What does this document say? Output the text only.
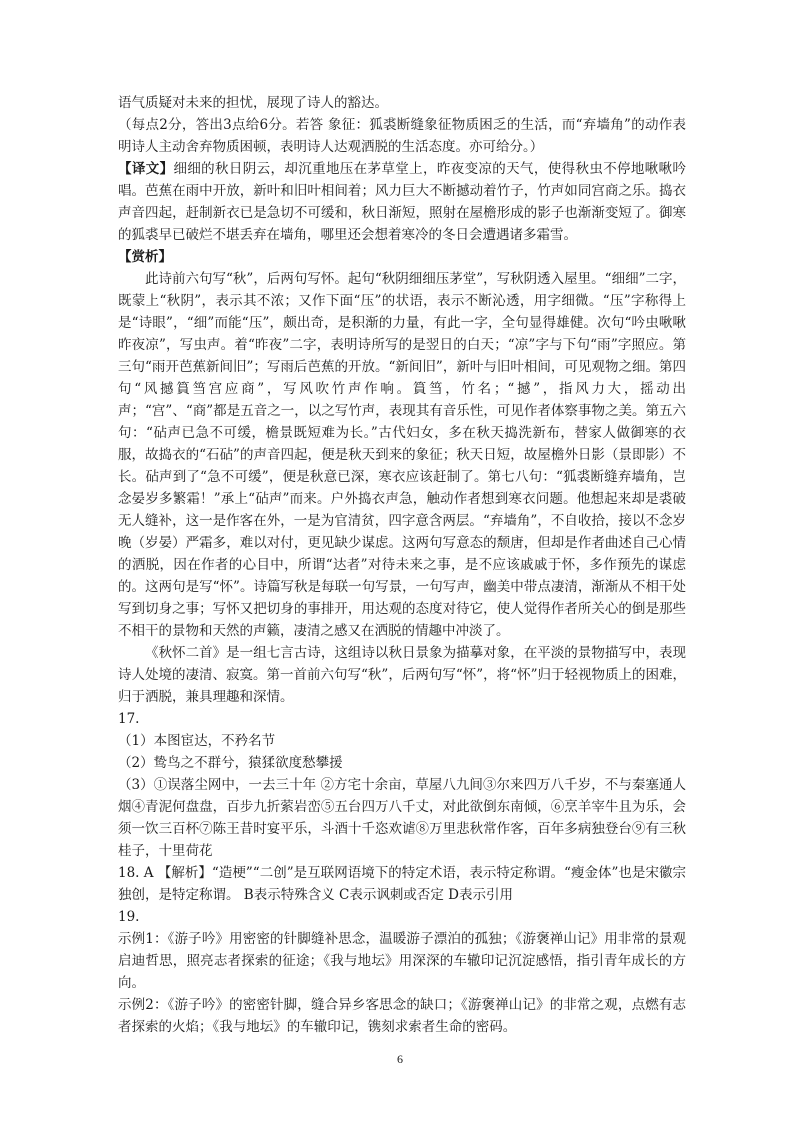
语气质疑对未来的担忧，展现了诗人的豁达。

（每点2分，答出3点给6分。若答 象征：狐裘断缝象征物质困乏的生活，而“弃墙角”的动作表明诗人主动舍弃物质困顿，表明诗人达观洒脱的生活态度。亦可给分。）

【译文】细细的秋日阴云，却沉重地压在茅草堂上，昨夜变凉的天气，使得秋虫不停地啾啾吟唱。芭蕉在雨中开放，新叶和旧叶相间着；风力巨大不断撼动着竹子，竹声如同宫商之乐。捣衣声音四起，赶制新衣已是急切不可缓和，秋日渐短，照射在屋檐形成的影子也渐渐变短了。御寒的狐裘早已破烂不堪丢弃在墙角，哪里还会想着寒冷的冬日会遭遇诸多霜雪。

【赏析】

此诗前六句写“秋”，后两句写怀。起句“秋阴细细压茅堂”，写秋阴透入屋里。“细细”二字，既蒙上“秋阴”，表示其不浓；又作下面“压”的状语，表示不断沁透，用字细微。“压”字称得上是“诗眼”，“细”而能“压”，颇出奇，是积渐的力量，有此一字，全句显得雄健。次句“吟虫啾啾昨夜凉”，写虫声。着“昨夜”二字，表明诗所写的是翌日的白天；“凉”字与下句“雨”字照应。第三句“雨开芭蕉新间旧”；写雨后芭蕉的开放。“新间旧”，新叶与旧叶相间，可见观物之细。第四句“风撼篔筜宫应商”，写风吹竹声作响。篔筜，竹名；“撼”，指风力大，摇动出声；“宫”、“商”都是五音之一，以之写竹声，表现其有音乐性，可见作者体察事物之美。第五六句：“砧声已急不可缓，檐景既短难为长。”古代妇女，多在秋天捣洗新布，替家人做御寒的衣服，故捣衣的“石砧”的声音四起，便是秋天到来的象征；秋天日短，故屋檐外日影（景即影）不长。砧声到了“急不可缓”，便是秋意已深，寒衣应该赶制了。第七八句：“狐裘断缝弃墙角，岂念晏岁多繁霜！”承上“砧声”而来。户外捣衣声急，触动作者想到寒衣问题。他想起来却是裘破无人缝补，这一是作客在外，一是为官清贫，四字意含两层。“弃墙角”，不自收拾，接以不念岁晚（岁晏）严霜多，难以对付，更见缺少谋虑。这两句写意态的颓唐，但却是作者曲述自己心情的洒脱，因在作者的心目中，所谓“达者”对待未来之事，是不应该戚戚于怀，多作预先的谋虑的。这两句是写“怀”。诗篇写秋是每联一句写景，一句写声，幽美中带点凄清，渐渐从不相干处写到切身之事；写怀又把切身的事排开，用达观的态度对待它，使人觉得作者所关心的倒是那些不相干的景物和天然的声籁，凄清之感又在洒脱的情趣中冲淡了。

《秋怀二首》是一组七言古诗，这组诗以秋日景象为描摹对象，在平淡的景物描写中，表现诗人处境的凄清、寂寞。第一首前六句写“秋”，后两句写“怀”，将“怀”归于轻视物质上的困难，归于洒脱，兼具理趣和深情。

17.

（1）本图宦达，不矜名节

（2）鸷鸟之不群兮，猿猱欲度愁攀援

（3）①误落尘网中，一去三十年 ②方宅十余亩，草屋八九间③尔来四万八千岁，不与秦塞通人烟④青泥何盘盘，百步九折萦岩峦⑤五台四万八千丈，对此欲倒东南倾，⑥烹羊宰牛且为乐，会须一饮三百杯⑦陈王昔时宴平乐，斗酒十千恣欢谑⑧万里悲秋常作客，百年多病独登台⑨有三秋桂子，十里荷花

18. A 【解析】“造梗”“二创”是互联网语境下的特定术语，表示特定称谓。“瘦金体”也是宋徽宗独创，是特定称谓。 B表示特殊含义 C表示讽刺或否定 D表示引用

19.

示例1：《游子吟》用密密的针脚缝补思念，温暖游子漂泊的孤独；《游褒禅山记》用非常的景观启迪哲思，照亮志者探索的征途；《我与地坛》用深深的车辙印记沉淀感悟，指引青年成长的方向。

示例2：《游子吟》的密密针脚，缝合异乡客思念的缺口；《游褒禅山记》的非常之观，点燃有志者探索的火焰；《我与地坛》的车辙印记，镌刻求索者生命的密码。

6
